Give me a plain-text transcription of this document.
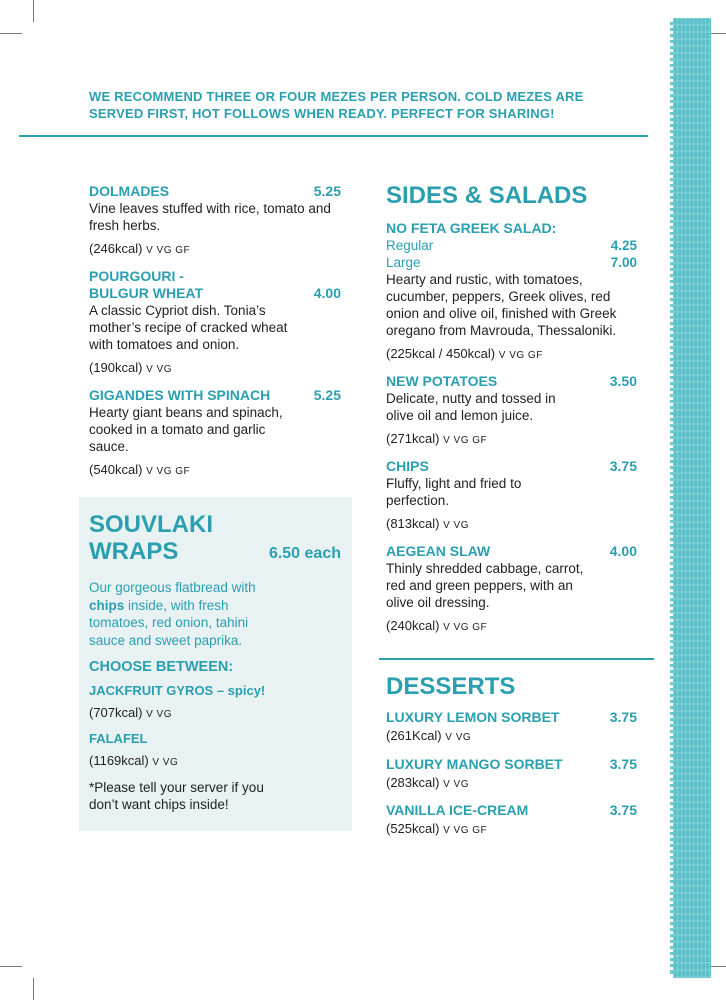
WE RECOMMEND THREE OR FOUR MEZES PER PERSON. COLD MEZES ARE SERVED FIRST, HOT FOLLOWS WHEN READY. PERFECT FOR SHARING!
DOLMADES	5.25
Vine leaves stuffed with rice, tomato and fresh herbs.
(246kcal) V VG GF
POURGOURI - BULGUR WHEAT	4.00
A classic Cypriot dish. Tonia’s mother’s recipe of cracked wheat with tomatoes and onion.
(190kcal) V VG
GIGANDES WITH SPINACH	5.25
Hearty giant beans and spinach, cooked in a tomato and garlic sauce.
(540kcal) V VG GF
SOUVLAKI WRAPS	6.50 each
Our gorgeous flatbread with chips inside, with fresh tomatoes, red onion, tahini sauce and sweet paprika.
CHOOSE BETWEEN:
JACKFRUIT GYROS – spicy!
(707kcal) V VG
FALAFEL
(1169kcal) V VG
*Please tell your server if you don’t want chips inside!
SIDES & SALADS
NO FETA GREEK SALAD:
Regular	4.25
Large	7.00
Hearty and rustic, with tomatoes, cucumber, peppers, Greek olives, red onion and olive oil, finished with Greek oregano from Mavrouda, Thessaloniki.
(225kcal / 450kcal) V VG GF
NEW POTATOES	3.50
Delicate, nutty and tossed in olive oil and lemon juice.
(271kcal) V VG GF
CHIPS	3.75
Fluffy, light and fried to perfection.
(813kcal) V VG
AEGEAN SLAW	4.00
Thinly shredded cabbage, carrot, red and green peppers, with an olive oil dressing.
(240kcal) V VG GF
DESSERTS
LUXURY LEMON SORBET	3.75
(261Kcal) V VG
LUXURY MANGO SORBET	3.75
(283kcal) V VG
VANILLA ICE-CREAM	3.75
(525kcal) V VG GF
